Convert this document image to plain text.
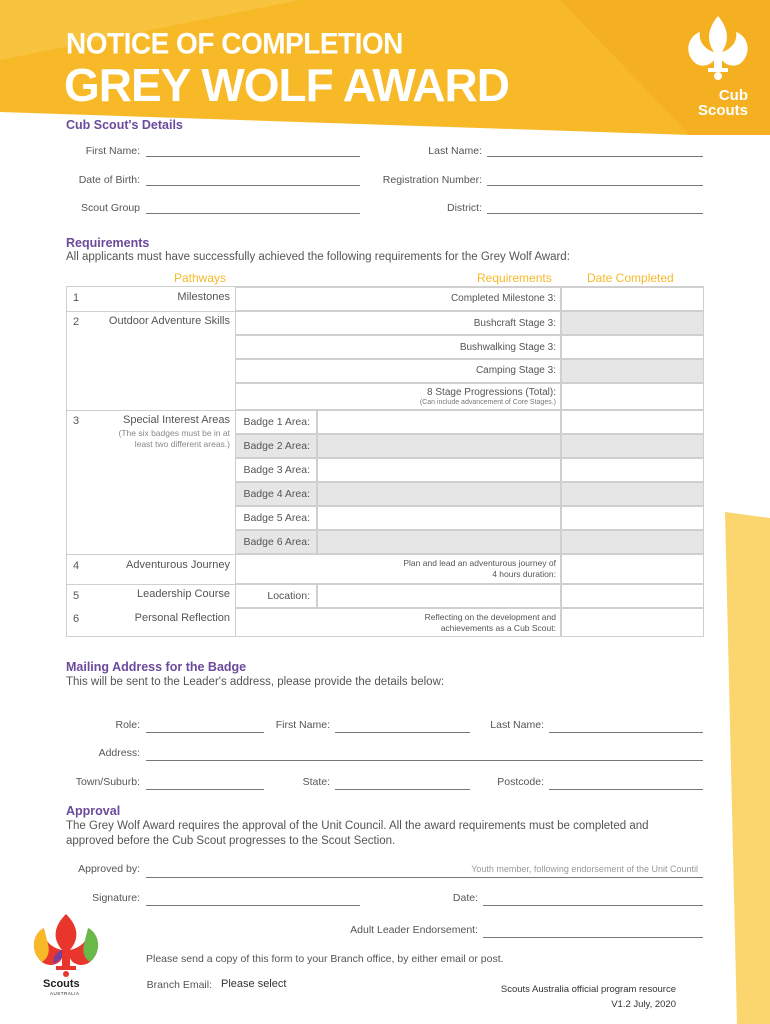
NOTICE OF COMPLETION
GREY WOLF AWARD	Cub
Scouts
Cub Scout's Details
First Name:	Last Name:
Date of Birth:	Registration Number:
Scout Group	District:
Requirements
All applicants must have successfully achieved the following requirements for the Grey Wolf Award:
Pathways	Requirements	Date Completed
1	Milestones	Completed Milestone 3:
2	Outdoor Adventure Skills	Bushcraft Stage 3:
Bushwalking Stage 3:
Camping Stage 3:
8 Stage Progressions (Total):
(Can include advancement of Core Stages.)
3	Special Interest Areas
(The six badges must be in at least two different areas.)
Badge 1 Area:
Badge 2 Area:
Badge 3 Area:
Badge 4 Area:
Badge 5 Area:
Badge 6 Area:
4	Adventurous Journey	Plan and lead an adventurous journey of
4 hours duration:
5	Leadership Course	Location:
6	Personal Reflection	Reflecting on the development and
achievements as a Cub Scout:
Mailing Address for the Badge
This will be sent to the Leader's address, please provide the details below:
Role:	First Name:	Last Name:
Address:
Town/Suburb:	State:	Postcode:
Approval
The Grey Wolf Award requires the approval of the Unit Council. All the award requirements must be completed and
approved before the Cub Scout progresses to the Scout Section.
Approved by:	Youth member, following endorsement of the Unit Countil
Signature:	Date:
Adult Leader Endorsement:
Please send a copy of this form to your Branch office, by either email or post.
Branch Email: Please select
Scouts
AUSTRALIA	Scouts Australia official program resource
V1.2 July, 2020
